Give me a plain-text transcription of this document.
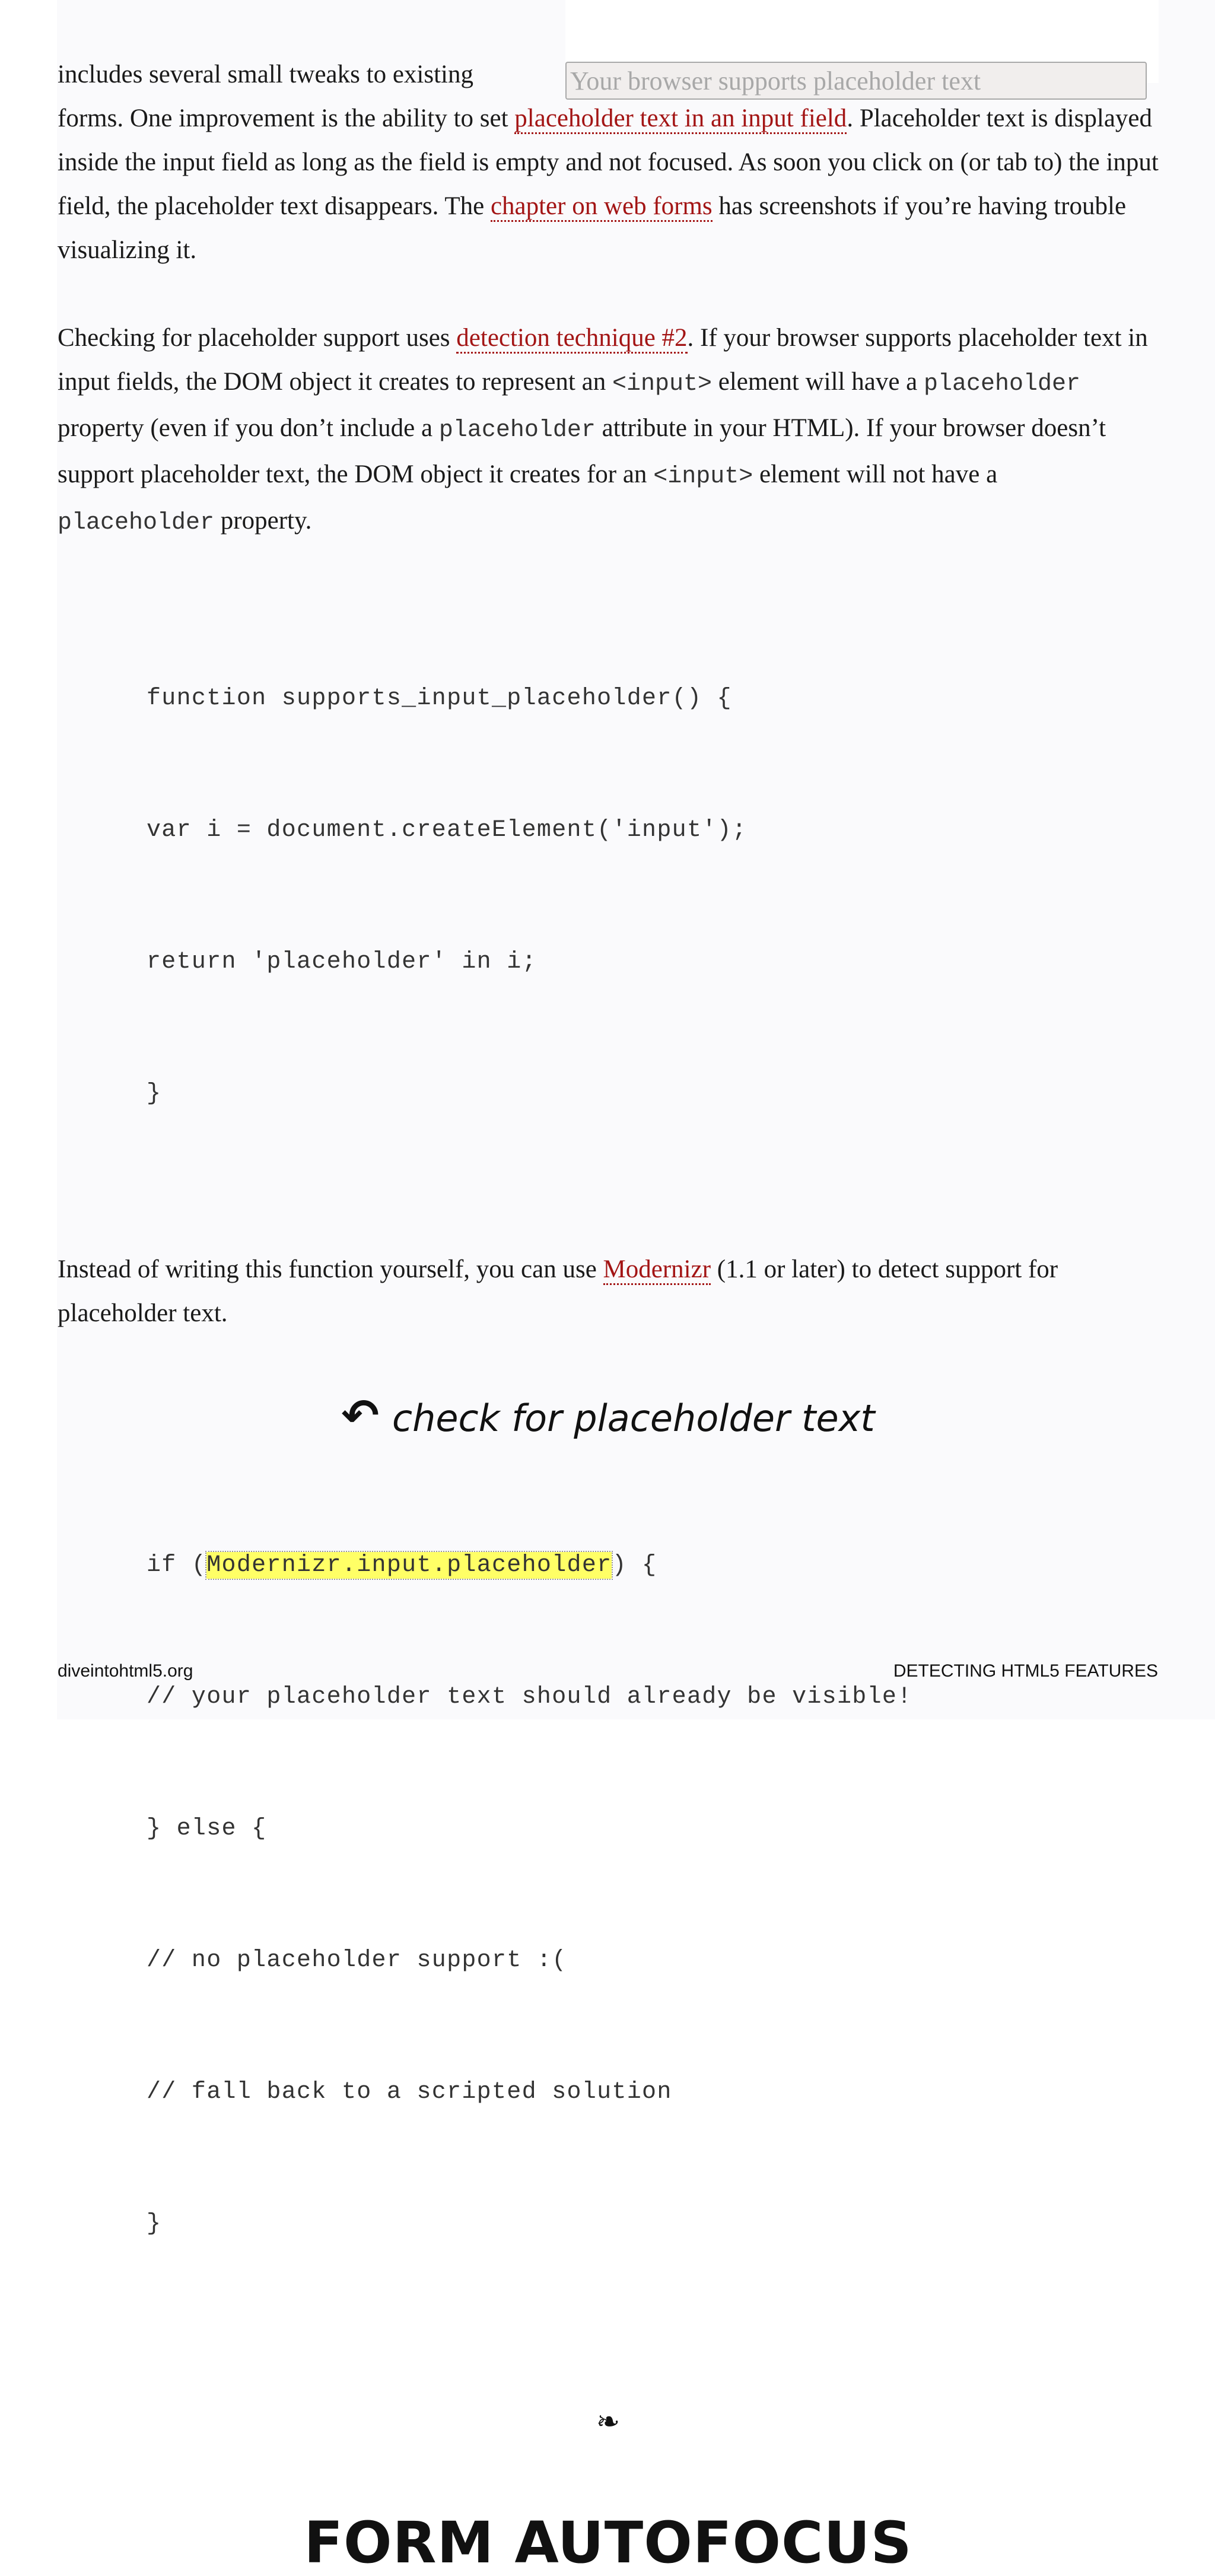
Your browser supports placeholder text

includes several small tweaks to existing forms. One improvement is the ability to set placeholder text in an input field. Placeholder text is displayed inside the input field as long as the field is empty and not focused. As soon you click on (or tab to) the input field, the placeholder text disappears. The chapter on web forms has screenshots if you’re having trouble visualizing it.

Checking for placeholder support uses detection technique #2. If your browser supports placeholder text in input fields, the DOM object it creates to represent an <input> element will have a placeholder property (even if you don’t include a placeholder attribute in your HTML). If your browser doesn’t support placeholder text, the DOM object it creates for an <input> element will not have a placeholder property.

function supports_input_placeholder() {

var i = document.createElement('input');

return 'placeholder' in i;

}

Instead of writing this function yourself, you can use Modernizr (1.1 or later) to detect support for placeholder text.

↶ check for placeholder text

if (Modernizr.input.placeholder) {

// your placeholder text should already be visible!

} else {

// no placeholder support :(

// fall back to a scripted solution

}

❧
FORM AUTOFOCUS
diveintohtml5.org	DETECTING HTML5 FEATURES
